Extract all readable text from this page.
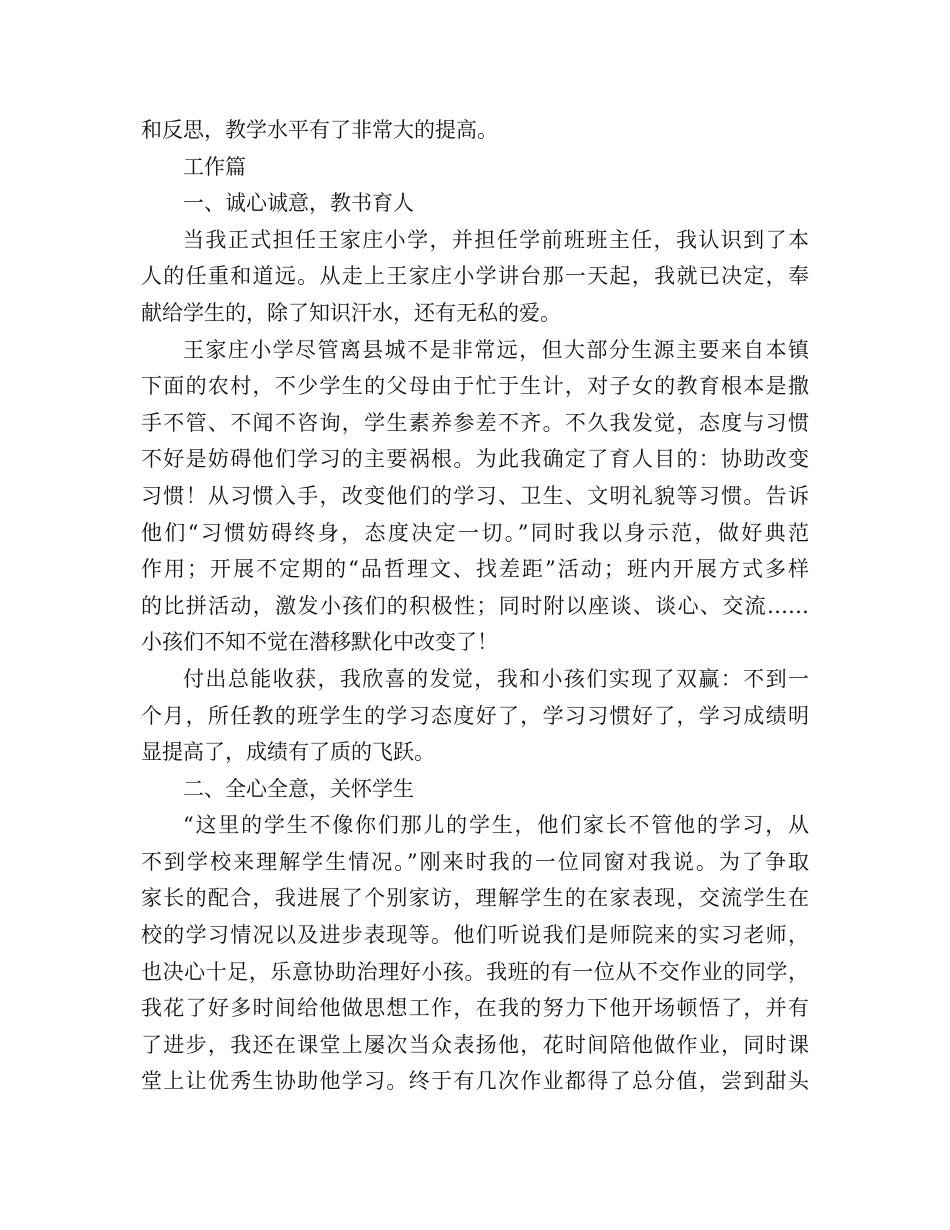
和反思，教学水平有了非常大的提高。
工作篇
一、诚心诚意，教书育人
当我正式担任王家庄小学，并担任学前班班主任，我认识到了本
人的任重和道远。从走上王家庄小学讲台那一天起，我就已决定，奉
献给学生的，除了知识汗水，还有无私的爱。
王家庄小学尽管离县城不是非常远，但大部分生源主要来自本镇
下面的农村，不少学生的父母由于忙于生计，对子女的教育根本是撒
手不管、不闻不咨询，学生素养参差不齐。不久我发觉，态度与习惯
不好是妨碍他们学习的主要祸根。为此我确定了育人目的：协助改变
习惯！从习惯入手，改变他们的学习、卫生、文明礼貌等习惯。告诉
他们“习惯妨碍终身，态度决定一切。”同时我以身示范，做好典范
作用；开展不定期的“品哲理文、找差距”活动；班内开展方式多样
的比拼活动，激发小孩们的积极性；同时附以座谈、谈心、交流……
小孩们不知不觉在潜移默化中改变了！
付出总能收获，我欣喜的发觉，我和小孩们实现了双赢：不到一
个月，所任教的班学生的学习态度好了，学习习惯好了，学习成绩明
显提高了，成绩有了质的飞跃。
二、全心全意，关怀学生
“这里的学生不像你们那儿的学生，他们家长不管他的学习，从
不到学校来理解学生情况。”刚来时我的一位同窗对我说。为了争取
家长的配合，我进展了个别家访，理解学生的在家表现，交流学生在
校的学习情况以及进步表现等。他们听说我们是师院来的实习老师，
也决心十足，乐意协助治理好小孩。我班的有一位从不交作业的同学，
我花了好多时间给他做思想工作，在我的努力下他开场顿悟了，并有
了进步，我还在课堂上屡次当众表扬他，花时间陪他做作业，同时课
堂上让优秀生协助他学习。终于有几次作业都得了总分值，尝到甜头
